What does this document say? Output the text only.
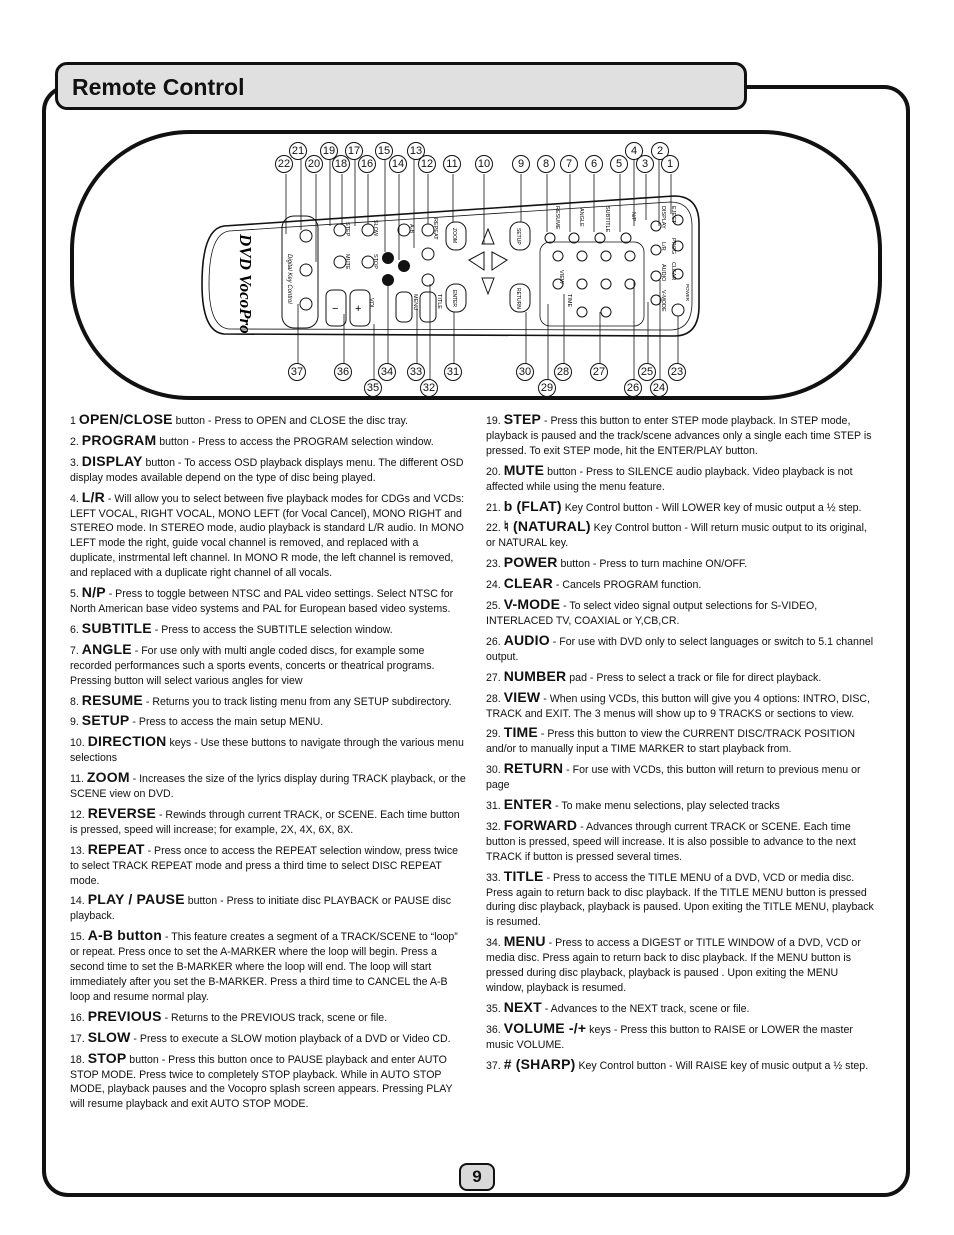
Remote Control
DVD VocoPro	Digital Key Control
STEP
MUTE
− + VOL
SLOW
STOP
A-B
MENU
REPEAT
TITLE
ZOOM
ENTER
SETUP
RETURN
RESUME	ANGLE	SUBTITLE	N/P
VIEW
TIME
DISPLAY
L/R
AUDIO
V-MODE
EJECT
PROG
CLEAR
POWER
21 19 17 15 13	4	2
22 20 18 16 14 12 11 10	9	8	7	6	5	3	1
37	36	34 33 31	30 28 27	25 23
35	32	29	26 24

1 OPEN/CLOSE button - Press to OPEN and CLOSE the disc tray.

2. PROGRAM button - Press to access the PROGRAM selection window.

3. DISPLAY button - To access OSD playback displays menu. The different OSD display modes available depend on the type of disc being played.

4. L/R - Will allow you to select between five playback modes for CDGs and VCDs: LEFT VOCAL, RIGHT VOCAL, MONO LEFT (for Vocal Cancel), MONO RIGHT and STEREO mode. In STEREO mode, audio playback is standard L/R audio. In MONO LEFT mode the right, guide vocal channel is removed, and replaced with a duplicate, instrmental left channel. In MONO R mode, the left channel is removed, and replaced with a duplicate right channel of all vocals.

5. N/P - Press to toggle between NTSC and PAL video settings. Select NTSC for North American base video systems and PAL for European based video systems.

6. SUBTITLE - Press to access the SUBTITLE selection window.

7. ANGLE - For use only with multi angle coded discs, for example some recorded performances such a sports events, concerts or theatrical programs. Pressing button will select various angles for view

8. RESUME - Returns you to track listing menu from any SETUP subdirectory.

9. SETUP - Press to access the main setup MENU.

10. DIRECTION keys - Use these buttons to navigate through the various menu selections

11. ZOOM - Increases the size of the lyrics display during TRACK playback, or the SCENE view on DVD.

12. REVERSE - Rewinds through current TRACK, or SCENE. Each time button is pressed, speed will increase; for example, 2X, 4X, 6X, 8X.

13. REPEAT - Press once to access the REPEAT selection window, press twice to select TRACK REPEAT mode and press a third time to select DISC REPEAT mode.

14. PLAY / PAUSE button - Press to initiate disc PLAYBACK or PAUSE disc playback.

15. A-B button - This feature creates a segment of a TRACK/SCENE to “loop” or repeat. Press once to set the A-MARKER where the loop will begin. Press a second time to set the B-MARKER where the loop will end. The loop will start immediately after you set the B-MARKER. Press a third time to CANCEL the A-B loop and resume normal play.

16. PREVIOUS - Returns to the PREVIOUS track, scene or file.

17. SLOW - Press to execute a SLOW motion playback of a DVD or Video CD.

18. STOP button - Press this button once to PAUSE playback and enter AUTO STOP MODE. Press twice to completely STOP playback. While in AUTO STOP MODE, playback pauses and the Vocopro splash screen appears. Pressing PLAY will resume playback and exit AUTO STOP MODE.

19. STEP - Press this button to enter STEP mode playback. In STEP mode, playback is paused and the track/scene advances only a single each time STEP is pressed. To exit STEP mode, hit the ENTER/PLAY button.

20. MUTE button - Press to SILENCE audio playback. Video playback is not affected while using the menu feature.

21. b (FLAT) Key Control button - Will LOWER key of music output a ½ step.

22. ♮ (NATURAL) Key Control button - Will return music output to its original, or NATURAL key.

23. POWER button - Press to turn machine ON/OFF.

24. CLEAR - Cancels PROGRAM function.

25. V-MODE - To select video signal output selections for S-VIDEO, INTERLACED TV, COAXIAL or Y,CB,CR.

26. AUDIO - For use with DVD only to select languages or switch to 5.1 channel output.

27. NUMBER pad - Press to select a track or file for direct playback.

28. VIEW - When using VCDs, this button will give you 4 options: INTRO, DISC, TRACK and EXIT. The 3 menus will show up to 9 TRACKS or sections to view.

29. TIME - Press this button to view the CURRENT DISC/TRACK POSITION and/or to manually input a TIME MARKER to start playback from.

30. RETURN - For use with VCDs, this button will return to previous menu or page

31. ENTER - To make menu selections, play selected tracks

32. FORWARD - Advances through current TRACK or SCENE. Each time button is pressed, speed will increase. It is also possible to advance to the next TRACK if button is pressed several times.

33. TITLE - Press to access the TITLE MENU of a DVD, VCD or media disc. Press again to return back to disc playback. If the TITLE MENU button is pressed during disc playback, playback is paused. Upon exiting the TITLE MENU, playback is resumed.

34. MENU - Press to access a DIGEST or TITLE WINDOW of a DVD, VCD or media disc. Press again to return back to disc playback. If the MENU button is pressed during disc playback, playback is paused . Upon exiting the MENU window, playback is resumed.

35. NEXT - Advances to the NEXT track, scene or file.

36. VOLUME -/+ keys - Press this button to RAISE or LOWER the master music VOLUME.

37. # (SHARP) Key Control button - Will RAISE key of music output a ½ step.

9
